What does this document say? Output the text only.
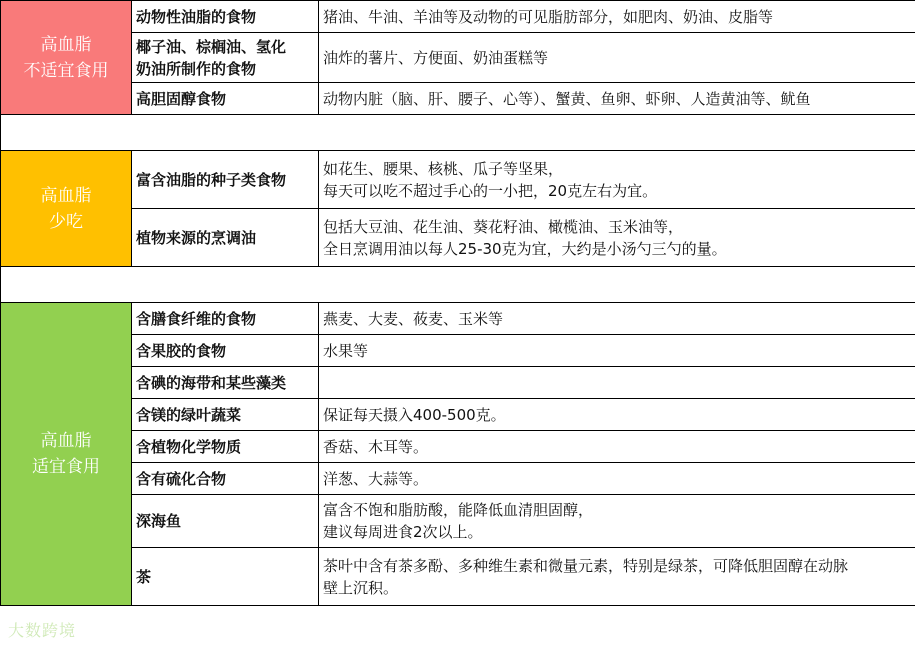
高血脂
不适宜食用	动物性油脂的食物	猪油、牛油、羊油等及动物的可见脂肪部分，如肥肉、奶油、皮脂等

	椰子油、棕榈油、氢化
奶油所制作的食物	油炸的薯片、方便面、奶油蛋糕等

	高胆固醇食物	动物内脏（脑、肝、腰子、心等）、蟹黄、鱼卵、虾卵、人造黄油等、鱿鱼

高血脂
少吃	富含油脂的种子类食物	如花生、腰果、核桃、瓜子等坚果，
每天可以吃不超过手心的一小把，20克左右为宜。

	植物来源的烹调油	包括大豆油、花生油、葵花籽油、橄榄油、玉米油等，
全日烹调用油以每人25-30克为宜，大约是小汤勺三勺的量。

高血脂
适宜食用	含膳食纤维的食物	燕麦、大麦、莜麦、玉米等

	含果胶的食物	水果等

	含碘的海带和某些藻类	

	含镁的绿叶蔬菜	保证每天摄入400-500克。

	含植物化学物质	香菇、木耳等。

	含有硫化合物	洋葱、大蒜等。

	深海鱼	富含不饱和脂肪酸，能降低血清胆固醇，
建议每周进食2次以上。

	茶	茶叶中含有茶多酚、多种维生素和微量元素，特别是绿茶，可降低胆固醇在动脉
壁上沉积。
大数跨境
